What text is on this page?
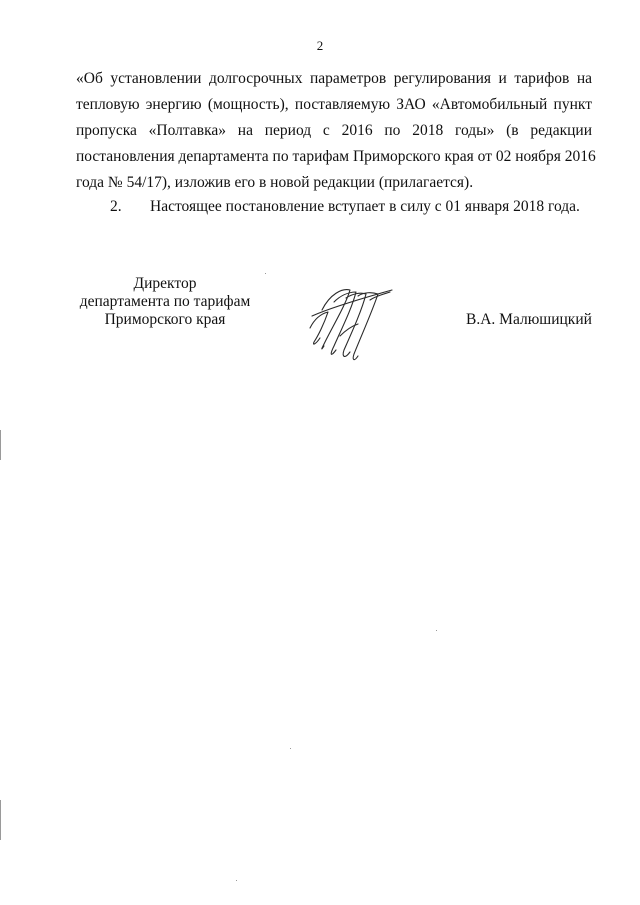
2
«Об установлении долгосрочных параметров регулирования и тарифов на
тепловую энергию (мощность), поставляемую ЗАО «Автомобильный пункт
пропуска «Полтавка» на период с 2016 по 2018 годы» (в редакции
постановления департамента по тарифам Приморского края от 02 ноября 2016
года № 54/17), изложив его в новой редакции (прилагается).
2. Настоящее постановление вступает в силу с 01 января 2018 года.
Директор
департамента по тарифам
Приморского края	В.А. Малюшицкий
